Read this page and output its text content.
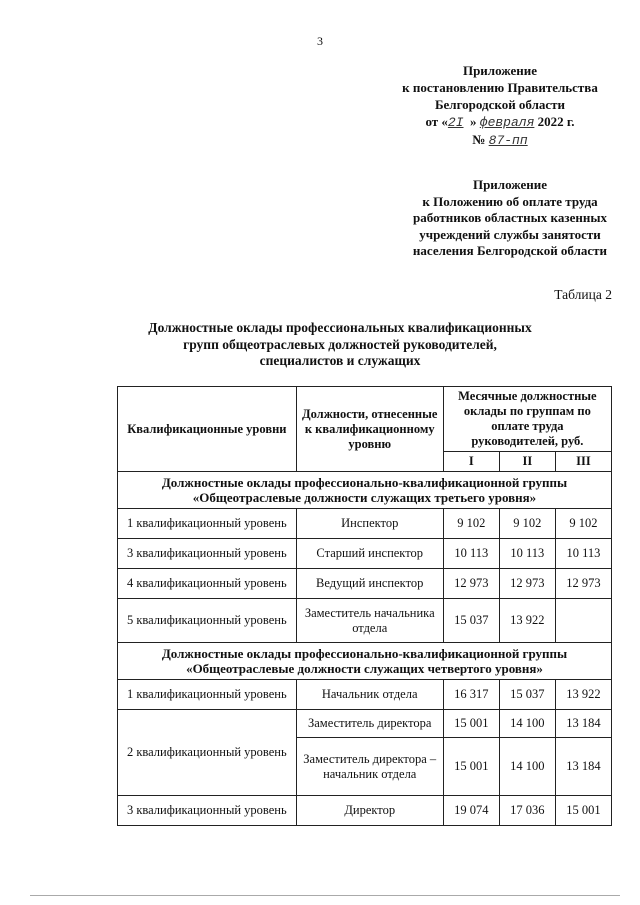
3
Приложение
к постановлению Правительства
Белгородской области
от «2I » февраля 2022 г.
№ 87-пп
Приложение
к Положению об оплате труда
работников областных казенных
учреждений службы занятости
населения Белгородской области
Таблица 2
Должностные оклады профессиональных квалификационных
групп общеотраслевых должностей руководителей,
специалистов и служащих
Квалификационные уровни	Должности, отнесенные к квалификационному уровню	Месячные должностные оклады по группам по оплате труда руководителей, руб.		
		I	II	III
Должностные оклады профессионально-квалификационной группы «Общеотраслевые должности служащих третьего уровня»				
1 квалификационный уровень	Инспектор	9 102	9 102	9 102
3 квалификационный уровень	Старший инспектор	10 113	10 113	10 113
4 квалификационный уровень	Ведущий инспектор	12 973	12 973	12 973
5 квалификационный уровень	Заместитель начальника отдела	15 037	13 922	
Должностные оклады профессионально-квалификационной группы «Общеотраслевые должности служащих четвертого уровня»				
1 квалификационный уровень	Начальник отдела	16 317	15 037	13 922
2 квалификационный уровень	Заместитель директора	15 001	14 100	13 184
	Заместитель директора – начальник отдела	15 001	14 100	13 184
3 квалификационный уровень	Директор	19 074	17 036	15 001
